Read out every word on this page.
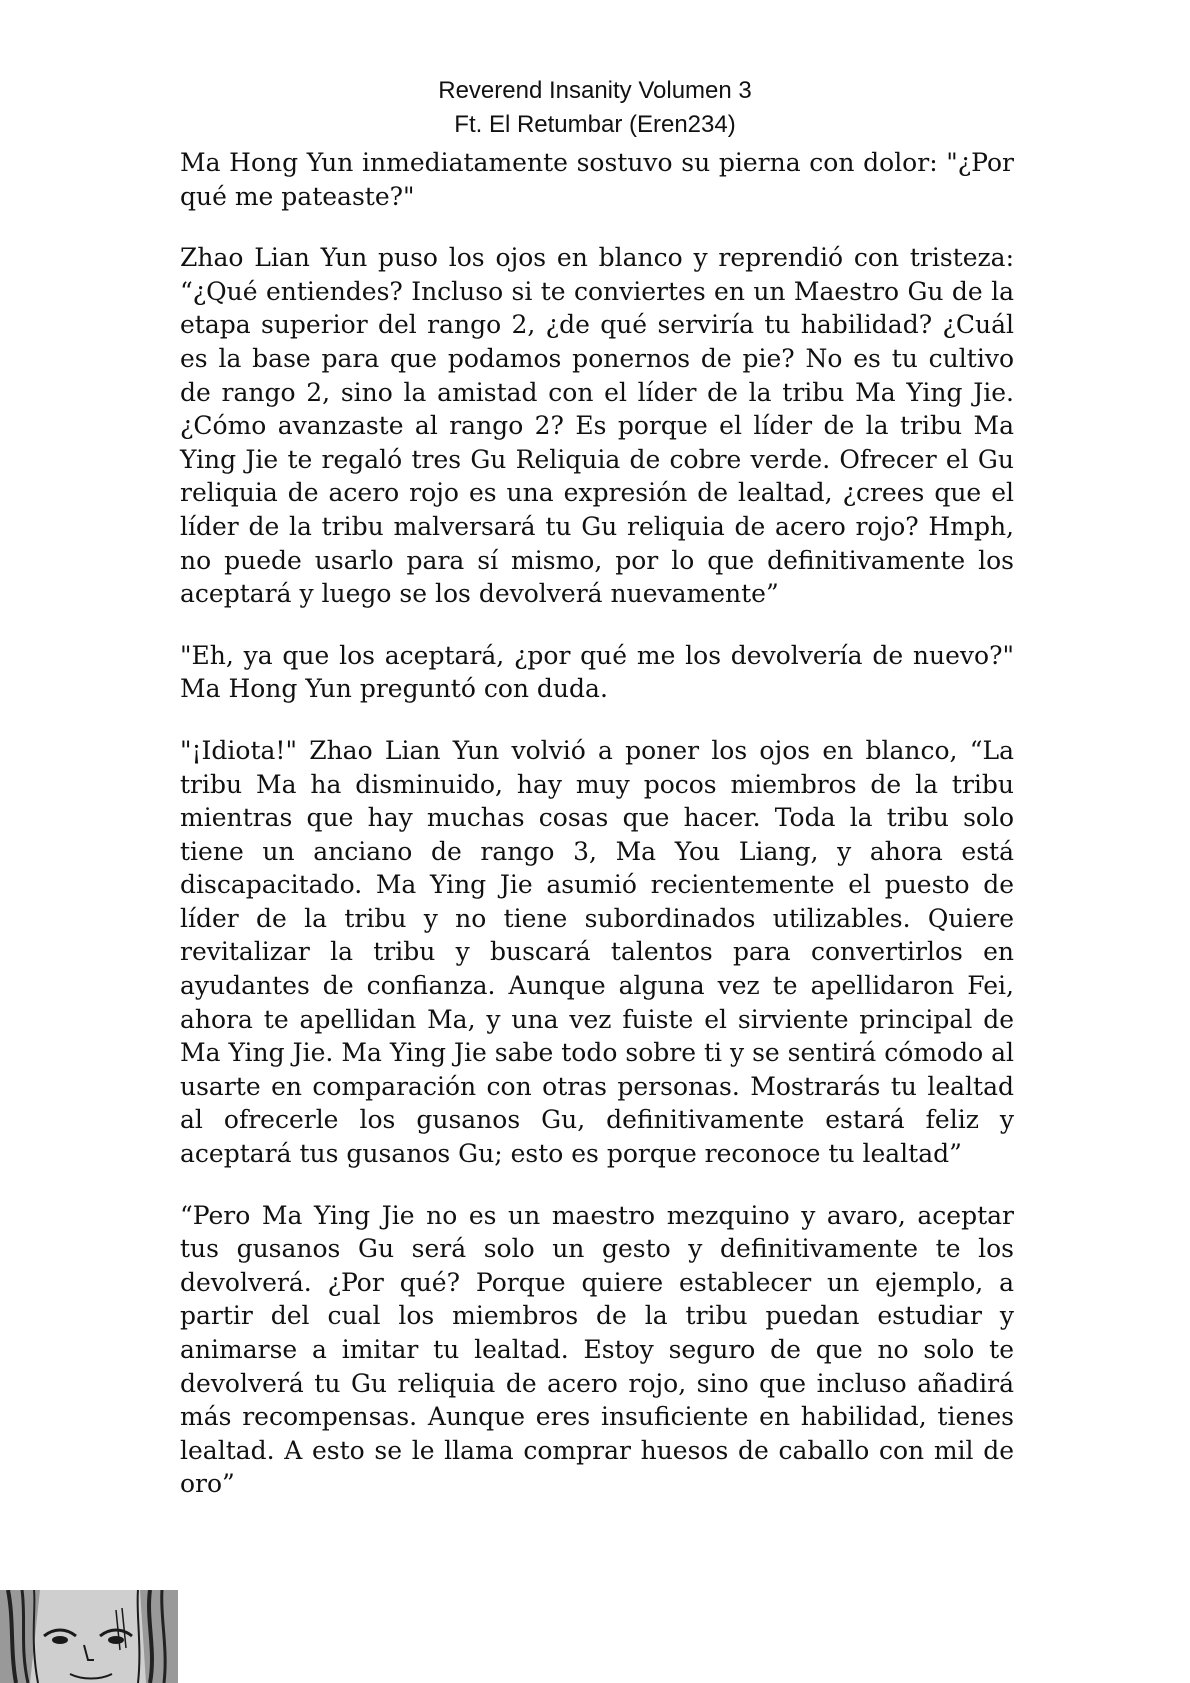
Reverend Insanity Volumen 3
Ft. El Retumbar (Eren234)

Ma Hong Yun inmediatamente sostuvo su pierna con dolor: "¿Por qué me pateaste?"

Zhao Lian Yun puso los ojos en blanco y reprendió con tristeza: “¿Qué entiendes? Incluso si te conviertes en un Maestro Gu de la etapa superior del rango 2, ¿de qué serviría tu habilidad? ¿Cuál es la base para que podamos ponernos de pie? No es tu cultivo de rango 2, sino la amistad con el líder de la tribu Ma Ying Jie. ¿Cómo avanzaste al rango 2? Es porque el líder de la tribu Ma Ying Jie te regaló tres Gu Reliquia de cobre verde. Ofrecer el Gu reliquia de acero rojo es una expresión de lealtad, ¿crees que el líder de la tribu malversará tu Gu reliquia de acero rojo? Hmph, no puede usarlo para sí mismo, por lo que definitivamente los aceptará y luego se los devolverá nuevamente”

"Eh, ya que los aceptará, ¿por qué me los devolvería de nuevo?" Ma Hong Yun preguntó con duda.

"¡Idiota!" Zhao Lian Yun volvió a poner los ojos en blanco, “La tribu Ma ha disminuido, hay muy pocos miembros de la tribu mientras que hay muchas cosas que hacer. Toda la tribu solo tiene un anciano de rango 3, Ma You Liang, y ahora está discapacitado. Ma Ying Jie asumió recientemente el puesto de líder de la tribu y no tiene subordinados utilizables. Quiere revitalizar la tribu y buscará talentos para convertirlos en ayudantes de confianza. Aunque alguna vez te apellidaron Fei, ahora te apellidan Ma, y una vez fuiste el sirviente principal de Ma Ying Jie. Ma Ying Jie sabe todo sobre ti y se sentirá cómodo al usarte en comparación con otras personas. Mostrarás tu lealtad al ofrecerle los gusanos Gu, definitivamente estará feliz y aceptará tus gusanos Gu; esto es porque reconoce tu lealtad”

“Pero Ma Ying Jie no es un maestro mezquino y avaro, aceptar tus gusanos Gu será solo un gesto y definitivamente te los devolverá. ¿Por qué? Porque quiere establecer un ejemplo, a partir del cual los miembros de la tribu puedan estudiar y animarse a imitar tu lealtad. Estoy seguro de que no solo te devolverá tu Gu reliquia de acero rojo, sino que incluso añadirá más recompensas. Aunque eres insuficiente en habilidad, tienes lealtad. A esto se le llama comprar huesos de caballo con mil de oro”
